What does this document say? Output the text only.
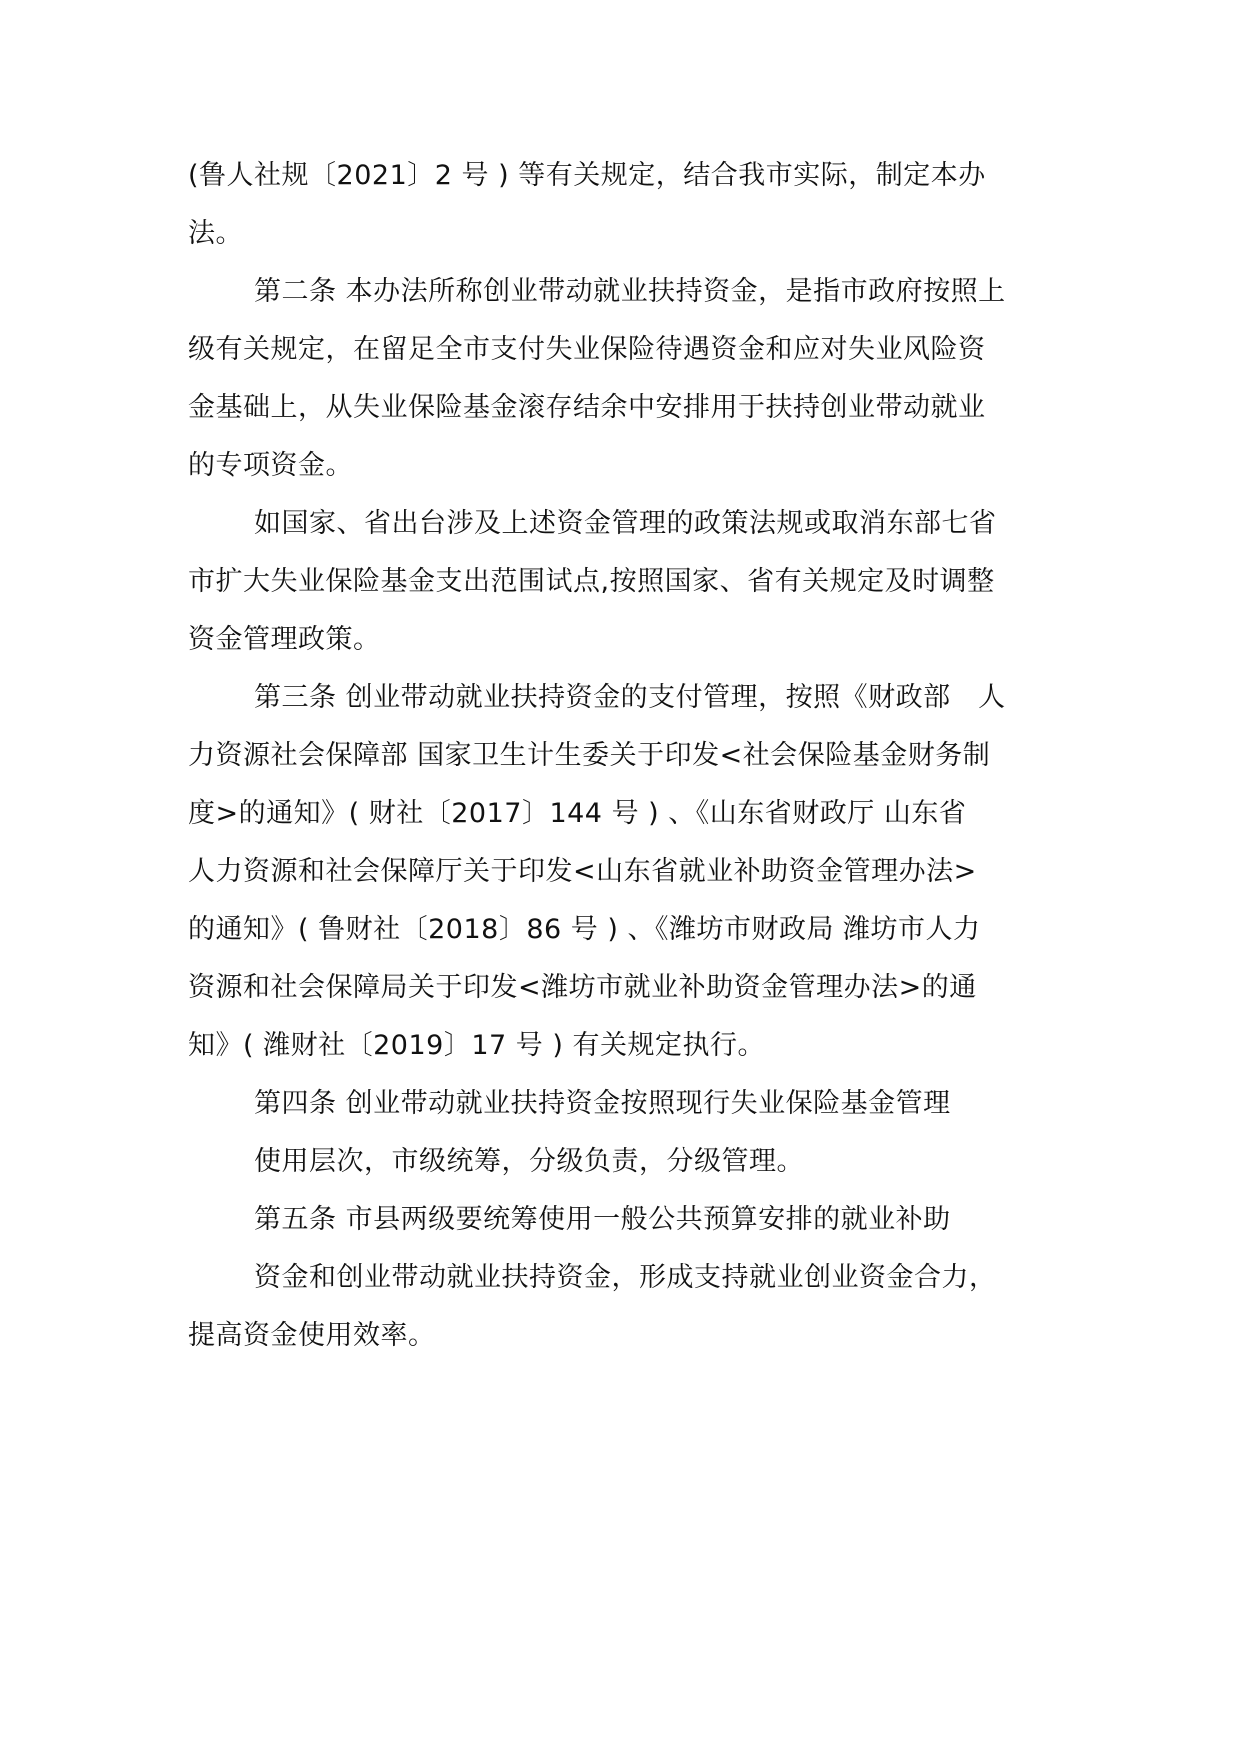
(鲁人社规〔2021〕2 号 ) 等有关规定，结合我市实际，制定本办
法。
第二条 本办法所称创业带动就业扶持资金，是指市政府按照上
级有关规定，在留足全市支付失业保险待遇资金和应对失业风险资
金基础上，从失业保险基金滚存结余中安排用于扶持创业带动就业
的专项资金。
如国家、省出台涉及上述资金管理的政策法规或取消东部七省
市扩大失业保险基金支出范围试点,按照国家、省有关规定及时调整
资金管理政策。
第三条 创业带动就业扶持资金的支付管理，按照《财政部　人
力资源社会保障部 国家卫生计生委关于印发<社会保险基金财务制
度>的通知》( 财社〔2017〕144 号 ) 、《山东省财政厅 山东省
人力资源和社会保障厅关于印发<山东省就业补助资金管理办法>
的通知》( 鲁财社〔2018〕86 号 ) 、《潍坊市财政局 潍坊市人力
资源和社会保障局关于印发<潍坊市就业补助资金管理办法>的通
知》( 潍财社〔2019〕17 号 ) 有关规定执行。
第四条 创业带动就业扶持资金按照现行失业保险基金管理
使用层次，市级统筹，分级负责，分级管理。
第五条 市县两级要统筹使用一般公共预算安排的就业补助
资金和创业带动就业扶持资金，形成支持就业创业资金合力，
提高资金使用效率。
